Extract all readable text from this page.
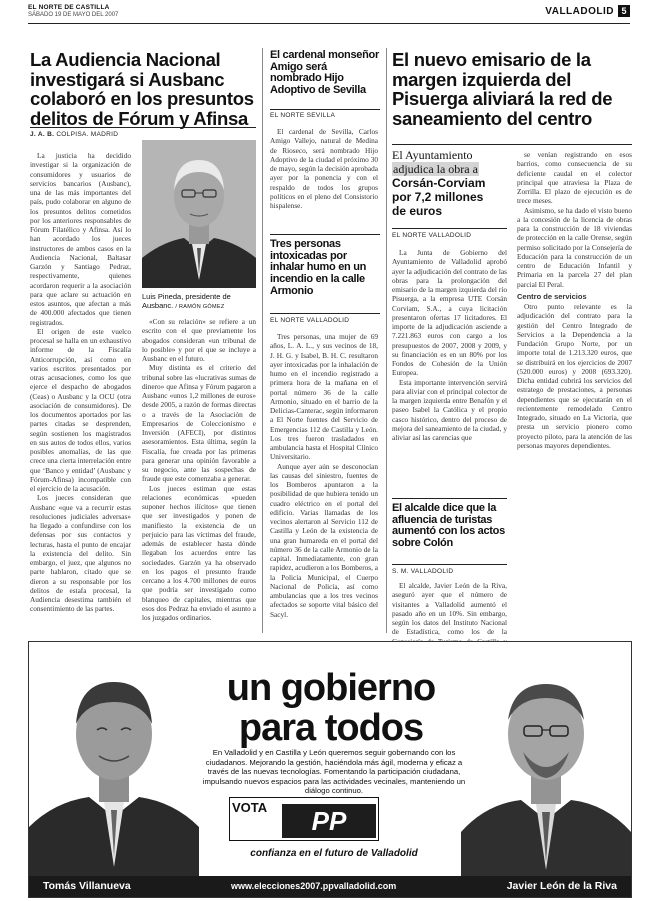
EL NORTE DE CASTILLA
SÁBADO 19 DE MAYO DEL 2007	VALLADOLID 5
La Audiencia Nacional investigará si Ausbanc colaboró en los presuntos delitos de Fórum y Afinsa
J. A. B. COLPISA. MADRID

La justicia ha decidido investigar si la organización de consumidores y usuarios de servicios bancarios (Ausbanc), una de las más importantes del país, pudo colaborar en alguno de los presuntos delitos cometidos por los anteriores responsables de Fórum Filatélico y Afinsa. Así lo han acordado los jueces instructores de ambos casos en la Audiencia Nacional, Baltasar Garzón y Santiago Pedraz, respectivamente, quienes acordaron requerir a la asociación para que aclare su actuación en estos asuntos, que afectan a más de 400.000 afectados que tienen registrados.

El origen de este vuelco procesal se halla en un exhaustivo informe de la Fiscalía Anticorrupción, así como en varios escritos presentados por otras acusaciones, como los que ejerce el despacho de abogados (Ceas) o Ausbanc y la OCU (otra asociación de consumidores). De los documentos aportados por las partes citadas se desprenden, según sostienen los magistrados en sus autos de todos ellos, varios posibles anomalías, de las que crece una cierta interrelación entre que ‘Banco y entidad’ (Ausbanc y Fórum-Afinsa) incompatible con el ejercicio de la acusación.

Los jueces consideran que Ausbanc «que va a recurrir estas resoluciones judiciales adversas» ha llegado a confundirse con los defensas por sus contactos y lecturas, hasta el punto de encajar la existencia del delito. Sin embargo, el juez, que algunos no parte hablaron, citado que se dieron a su responsable por los delitos de estafa procesal, la Audiencia desestima también el consentimiento de las partes.

Luis Pineda, presidente de Ausbanc. / RAMÓN GÓMEZ

«Con su relación» se refiere a un escrito con el que previamente los abogados consideran «un tribunal de lo posible» y por el que se incluye a Ausbanc en el futuro.

Muy distinta es el criterio del tribunal sobre las «lucrativas sumas de dinero» que Afinsa y Fórum pagaron a Ausbanc «unos 1,2 millones de euros» desde 2005, a razón de formas directas o a través de la Asociación de Empresarios de Coleccionismo e Inversión (AFECI), por distintos asesoramientos. Esta última, según la Fiscalía, fue creada por las primeras para generar una opinión favorable a su negocio, ante las sospechas de fraude que este comenzaba a generar.

Los jueces estiman que estas relaciones económicas «pueden suponer hechos ilícitos» que tienen que ser investigados y ponen de manifiesto la existencia de un perjuicio para las víctimas del fraude, además de establecer hasta dónde llegaban los acuerdos entre las sociedades. Garzón ya ha observado en los pagos el presunto fraude cercano a los 4.700 millones de euros que podría ser investigado como blanqueo de capitales, mientras que esos dos Pedraz ha enviado el asunto a los juzgados ordinarios.

El cardenal monseñor Amigo será nombrado Hijo Adoptivo de Sevilla
EL NORTE SEVILLA

El cardenal de Sevilla, Carlos Amigo Vallejo, natural de Medina de Rioseco, será nombrado Hijo Adoptivo de la ciudad el próximo 30 de mayo, según la decisión aprobada ayer por la ponencia y con el respaldo de todos los grupos políticos en el pleno del Consistorio hispalense.

Tres personas intoxicadas por inhalar humo en un incendio en la calle Armonio
EL NORTE VALLADOLID

Tres personas, una mujer de 69 años, L. A. L., y sus vecinos de 18, J. H. G. y Isabel, B. H. C. resultaron ayer intoxicadas por la inhalación de humo en el incendio registrado a primera hora de la mañana en el portal número 36 de la calle Armonio, situado en el barrio de la Delicias-Canterac, según informaron a El Norte fuentes del Servicio de Emergencias 112 de Castilla y León. Los tres fueron trasladados en ambulancia hasta el Hospital Clínico Universitario.

Aunque ayer aún se desconocían las causas del siniestro, fuentes de los Bomberos apuntaron a la posibilidad de que hubiera tenido un cuadro eléctrico en el portal del edificio. Varias llamadas de los vecinos alertaron al Servicio 112 de Castilla y León de la existencia de una gran humareda en el portal del número 36 de la calle Armonio de la capital. Inmediatamente, con gran rapidez, acudieron a los Bomberos, a la Policía Municipal, el Cuerpo Nacional de Policía, así como ambulancias que a los tres vecinos afectados se soporte vital básico del Sacyl.

El nuevo emisario de la margen izquierda del Pisuerga aliviará la red de saneamiento del centro
El Ayuntamiento
adjudica la obra a
Corsán-Corviam
por 7,2 millones
de euros
EL NORTE VALLADOLID

La Junta de Gobierno del Ayuntamiento de Valladolid aprobó ayer la adjudicación del contrato de las obras para la prolongación del emisario de la margen izquierda del río Pisuerga, a la empresa UTE Corsán Corviam, S.A., a cuya licitación presentaron ofertas 17 licitadores. El importe de la adjudicación asciende a 7.221.863 euros con cargo a los presupuestos de 2007, 2008 y 2009, y su financiación es en un 80% por los Fondos de Cohesión de la Unión Europea.

Esta importante intervención servirá para aliviar con el principal colector de la margen izquierda entre Benafón y el paseo Isabel la Católica y el propio casco histórico, dentro del proceso de mejora del saneamiento de la ciudad, y aliviar así las carencias que

se venían registrando en esos barrios, como consecuencia de su deficiente caudal en el colector principal que atraviesa la Plaza de Zorrilla. El plazo de ejecución es de trece meses.

Asimismo, se ha dado el visto bueno a la concesión de la licencia de obras para la construcción de 18 viviendas de protección en la calle Orense, según permiso solicitado por la Consejería de Educación para la construcción de un centro de Educación Infantil y Primaria en la parcela 27 del plan parcial El Peral.

Centro de servicios

Otro punto relevante es la adjudicación del contrato para la gestión del Centro Integrado de Servicios a la Dependencia a la Fundación Grupo Norte, por un importe total de 1.213.320 euros, que se distribuirá en los ejercicios de 2007 (520.000 euros) y 2008 (693.320). Dicha entidad cubrirá los servicios del estratego de prestaciones, a personas dependientes que se ejecutarán en el recientemente remodelado Centro Integrado, situado en La Victoria, que presta un servicio pionero como proyecto piloto, para la atención de las personas mayores dependientes.

El alcalde dice que la afluencia de turistas aumentó con los actos sobre Colón
S. M. VALLADOLID

El alcalde, Javier León de la Riva, aseguró ayer que el número de visitantes a Valladolid aumentó el pasado año en un 10%. Sin embargo, según los datos del Instituto Nacional de Estadística, como los de la

un gobierno
para todos
En Valladolid y en Castilla y León queremos seguir gobernando con los ciudadanos. Mejorando la gestión, haciéndola más ágil, moderna y eficaz a través de las nuevas tecnologías. Fomentando la participación ciudadana, impulsando nuevos espacios para las actividades vecinales, manteniendo un diálogo continuo.
VOTA	PP
confianza en el futuro de Valladolid
Tomás Villanueva	www.elecciones2007.ppvalladolid.com	Javier León de la Riva
